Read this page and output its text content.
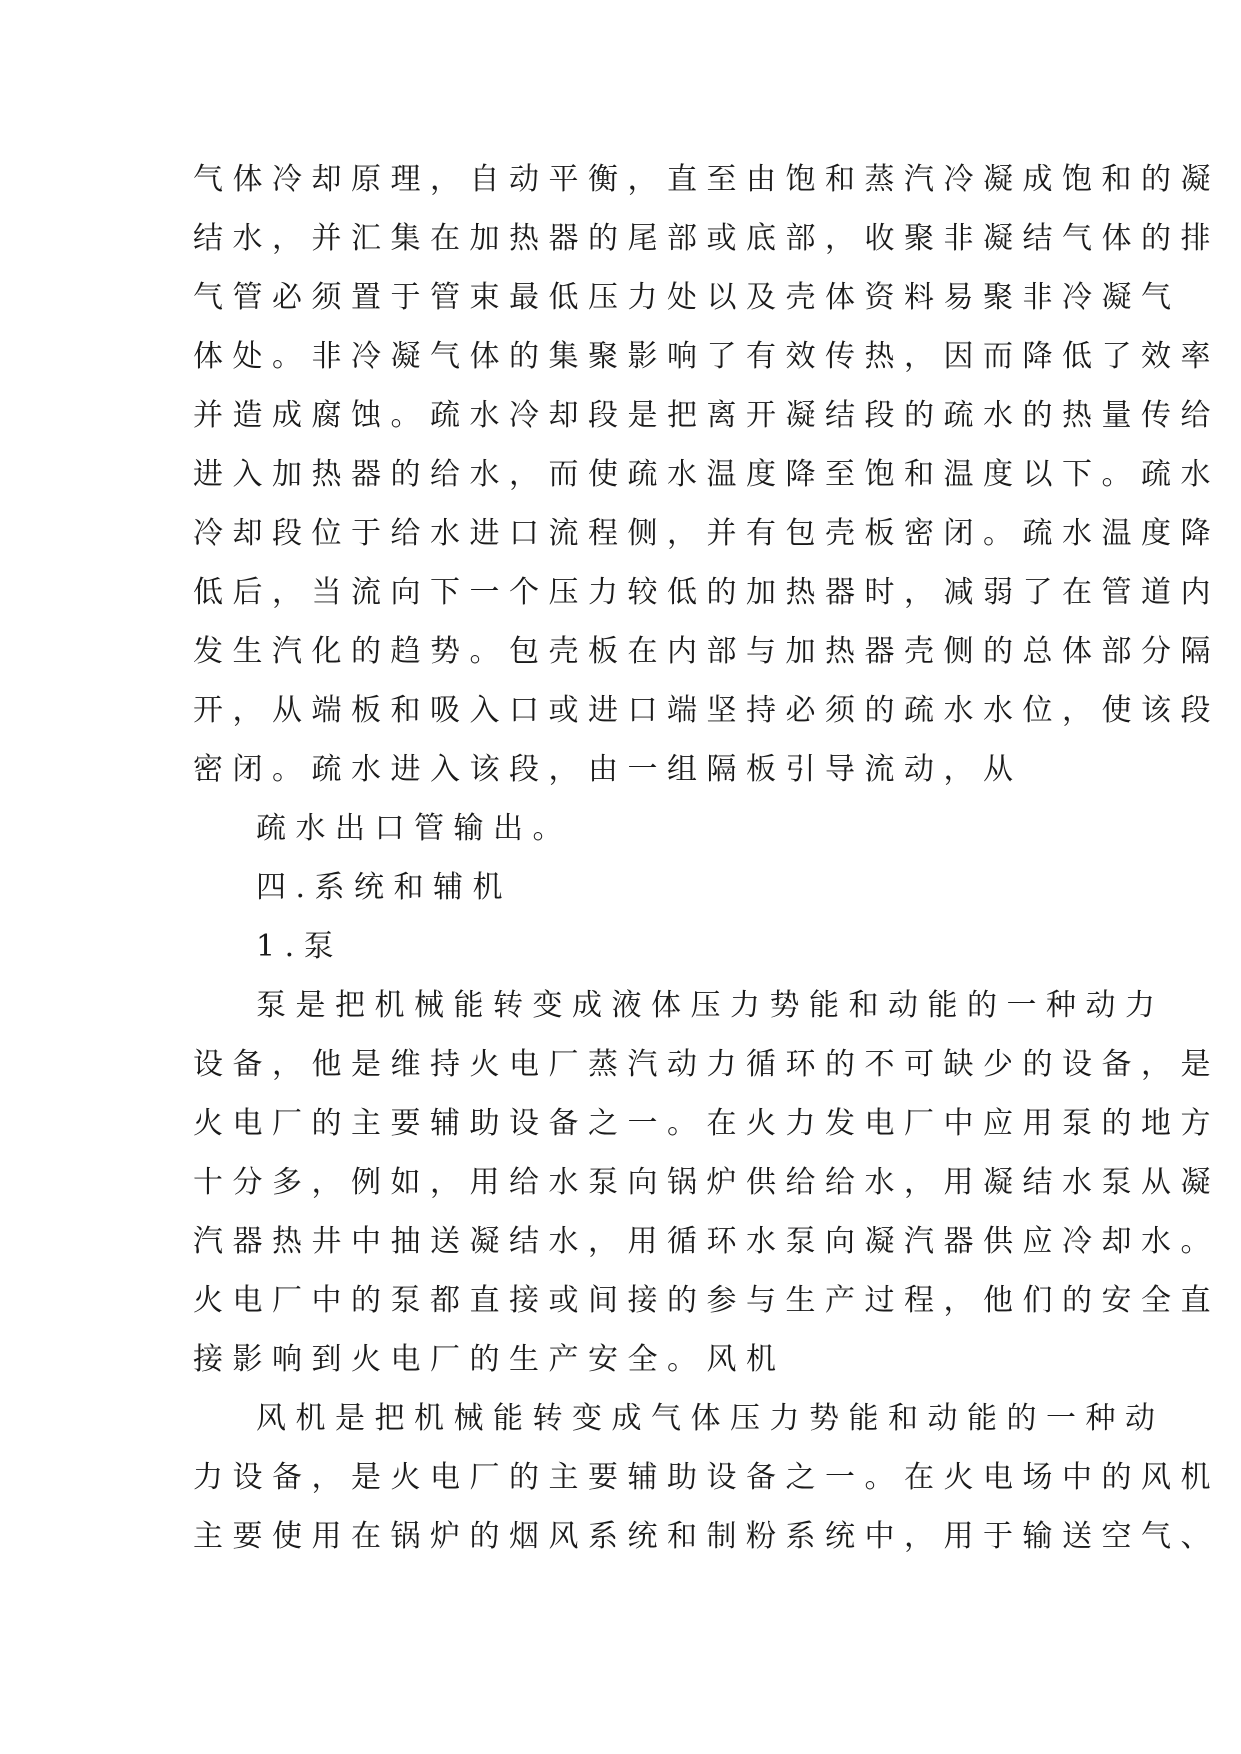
气体冷却原理，自动平衡，直至由饱和蒸汽冷凝成饱和的凝
结水，并汇集在加热器的尾部或底部，收聚非凝结气体的排
气管必须置于管束最低压力处以及壳体资料易聚非冷凝气
体处。非冷凝气体的集聚影响了有效传热，因而降低了效率
并造成腐蚀。疏水冷却段是把离开凝结段的疏水的热量传给
进入加热器的给水，而使疏水温度降至饱和温度以下。疏水
冷却段位于给水进口流程侧，并有包壳板密闭。疏水温度降
低后，当流向下一个压力较低的加热器时，减弱了在管道内
发生汽化的趋势。包壳板在内部与加热器壳侧的总体部分隔
开，从端板和吸入口或进口端坚持必须的疏水水位，使该段
密闭。疏水进入该段，由一组隔板引导流动，从
疏水出口管输出。
四.系统和辅机
1.泵
泵是把机械能转变成液体压力势能和动能的一种动力
设备，他是维持火电厂蒸汽动力循环的不可缺少的设备，是
火电厂的主要辅助设备之一。在火力发电厂中应用泵的地方
十分多，例如，用给水泵向锅炉供给给水，用凝结水泵从凝
汽器热井中抽送凝结水，用循环水泵向凝汽器供应冷却水。
火电厂中的泵都直接或间接的参与生产过程，他们的安全直
接影响到火电厂的生产安全。风机
风机是把机械能转变成气体压力势能和动能的一种动
力设备，是火电厂的主要辅助设备之一。在火电场中的风机
主要使用在锅炉的烟风系统和制粉系统中，用于输送空气、
